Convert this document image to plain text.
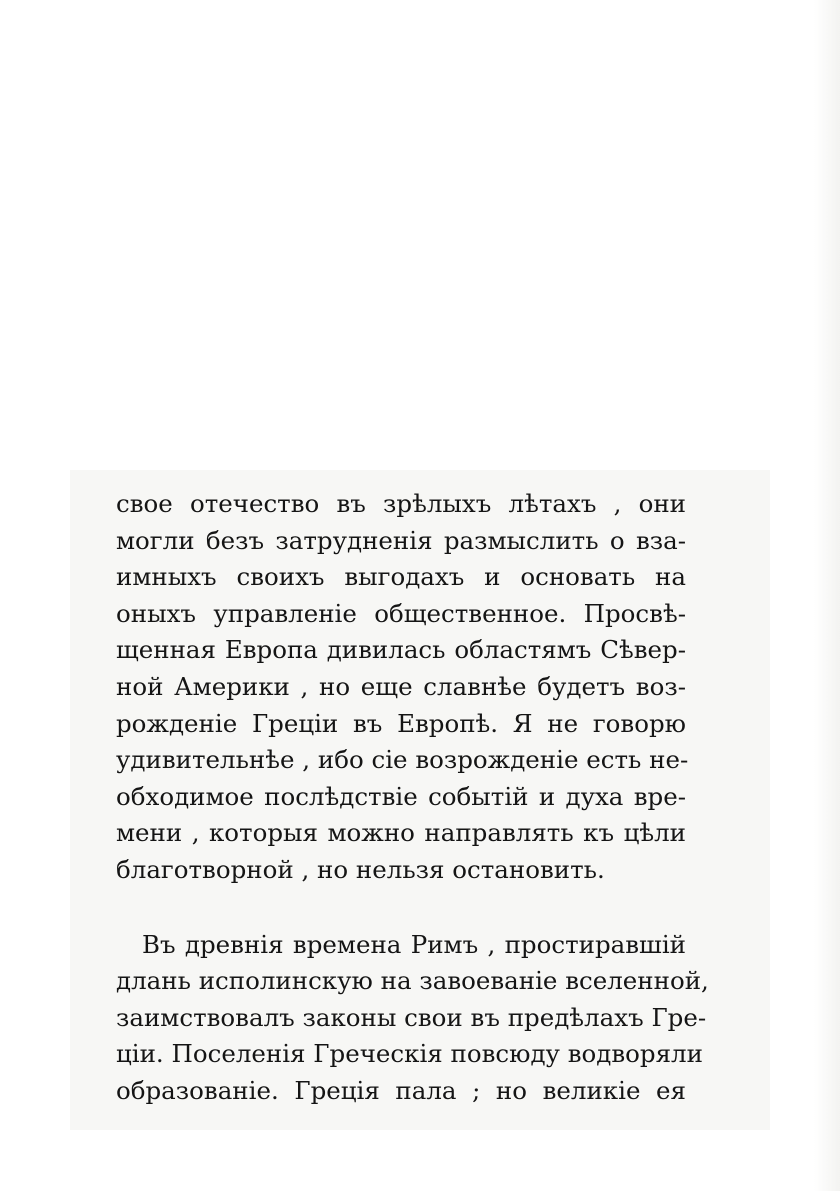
свое отечество въ зрѣлыхъ лѣтахъ , они
могли безъ затрудненія размыслить о вза-
имныхъ своихъ выгодахъ и основать на
оныхъ управленіе общественное. Просвѣ-
щенная Европа дивилась областямъ Сѣвер-
ной Америки , но еще славнѣе будетъ воз-
рожденіе Греціи въ Европѣ. Я не говорю
удивительнѣе , ибо сіе возрожденіе есть не-
обходимое послѣдствіе событій и духа вре-
мени , которыя можно направлять къ цѣли
благотворной , но нельзя остановить.
Въ древнія времена Римъ , простиравшій
длань исполинскую на завоеваніе вселенной,
заимствовалъ законы свои въ предѣлахъ Гре-
ціи. Поселенія Греческія повсюду водворяли
образованіе. Греція пала ; но великіе ея
